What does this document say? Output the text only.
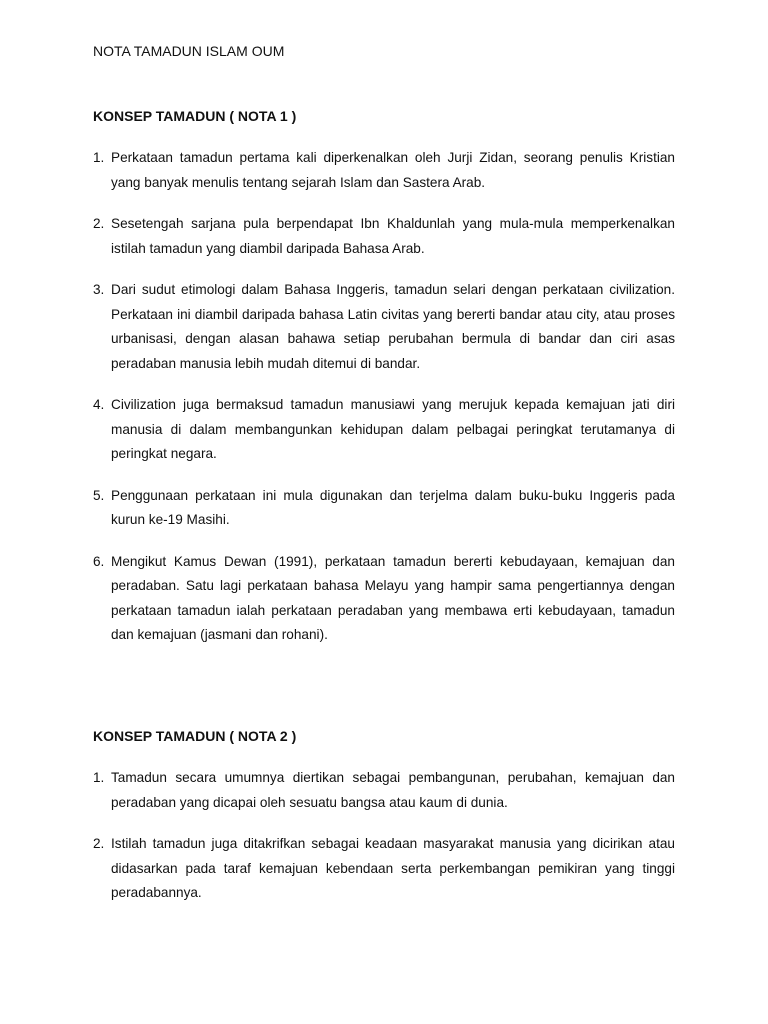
NOTA TAMADUN ISLAM OUM
KONSEP TAMADUN ( NOTA 1 )
1. Perkataan tamadun pertama kali diperkenalkan oleh Jurji Zidan, seorang penulis Kristian yang banyak menulis tentang sejarah Islam dan Sastera Arab.
2. Sesetengah sarjana pula berpendapat Ibn Khaldunlah yang mula-mula memperkenalkan istilah tamadun yang diambil daripada Bahasa Arab.
3. Dari sudut etimologi dalam Bahasa Inggeris, tamadun selari dengan perkataan civilization. Perkataan ini diambil daripada bahasa Latin civitas yang bererti bandar atau city, atau proses urbanisasi, dengan alasan bahawa setiap perubahan bermula di bandar dan ciri asas peradaban manusia lebih mudah ditemui di bandar.
4. Civilization juga bermaksud tamadun manusiawi yang merujuk kepada kemajuan jati diri manusia di dalam membangunkan kehidupan dalam pelbagai peringkat terutamanya di peringkat negara.
5. Penggunaan perkataan ini mula digunakan dan terjelma dalam buku-buku Inggeris pada kurun ke-19 Masihi.
6. Mengikut Kamus Dewan (1991), perkataan tamadun bererti kebudayaan, kemajuan dan peradaban. Satu lagi perkataan bahasa Melayu yang hampir sama pengertiannya dengan perkataan tamadun ialah perkataan peradaban yang membawa erti kebudayaan, tamadun dan kemajuan (jasmani dan rohani).
KONSEP TAMADUN ( NOTA 2 )
1. Tamadun secara umumnya diertikan sebagai pembangunan, perubahan, kemajuan dan peradaban yang dicapai oleh sesuatu bangsa atau kaum di dunia.
2. Istilah tamadun juga ditakrifkan sebagai keadaan masyarakat manusia yang dicirikan atau didasarkan pada taraf kemajuan kebendaan serta perkembangan pemikiran yang tinggi peradabannya.
